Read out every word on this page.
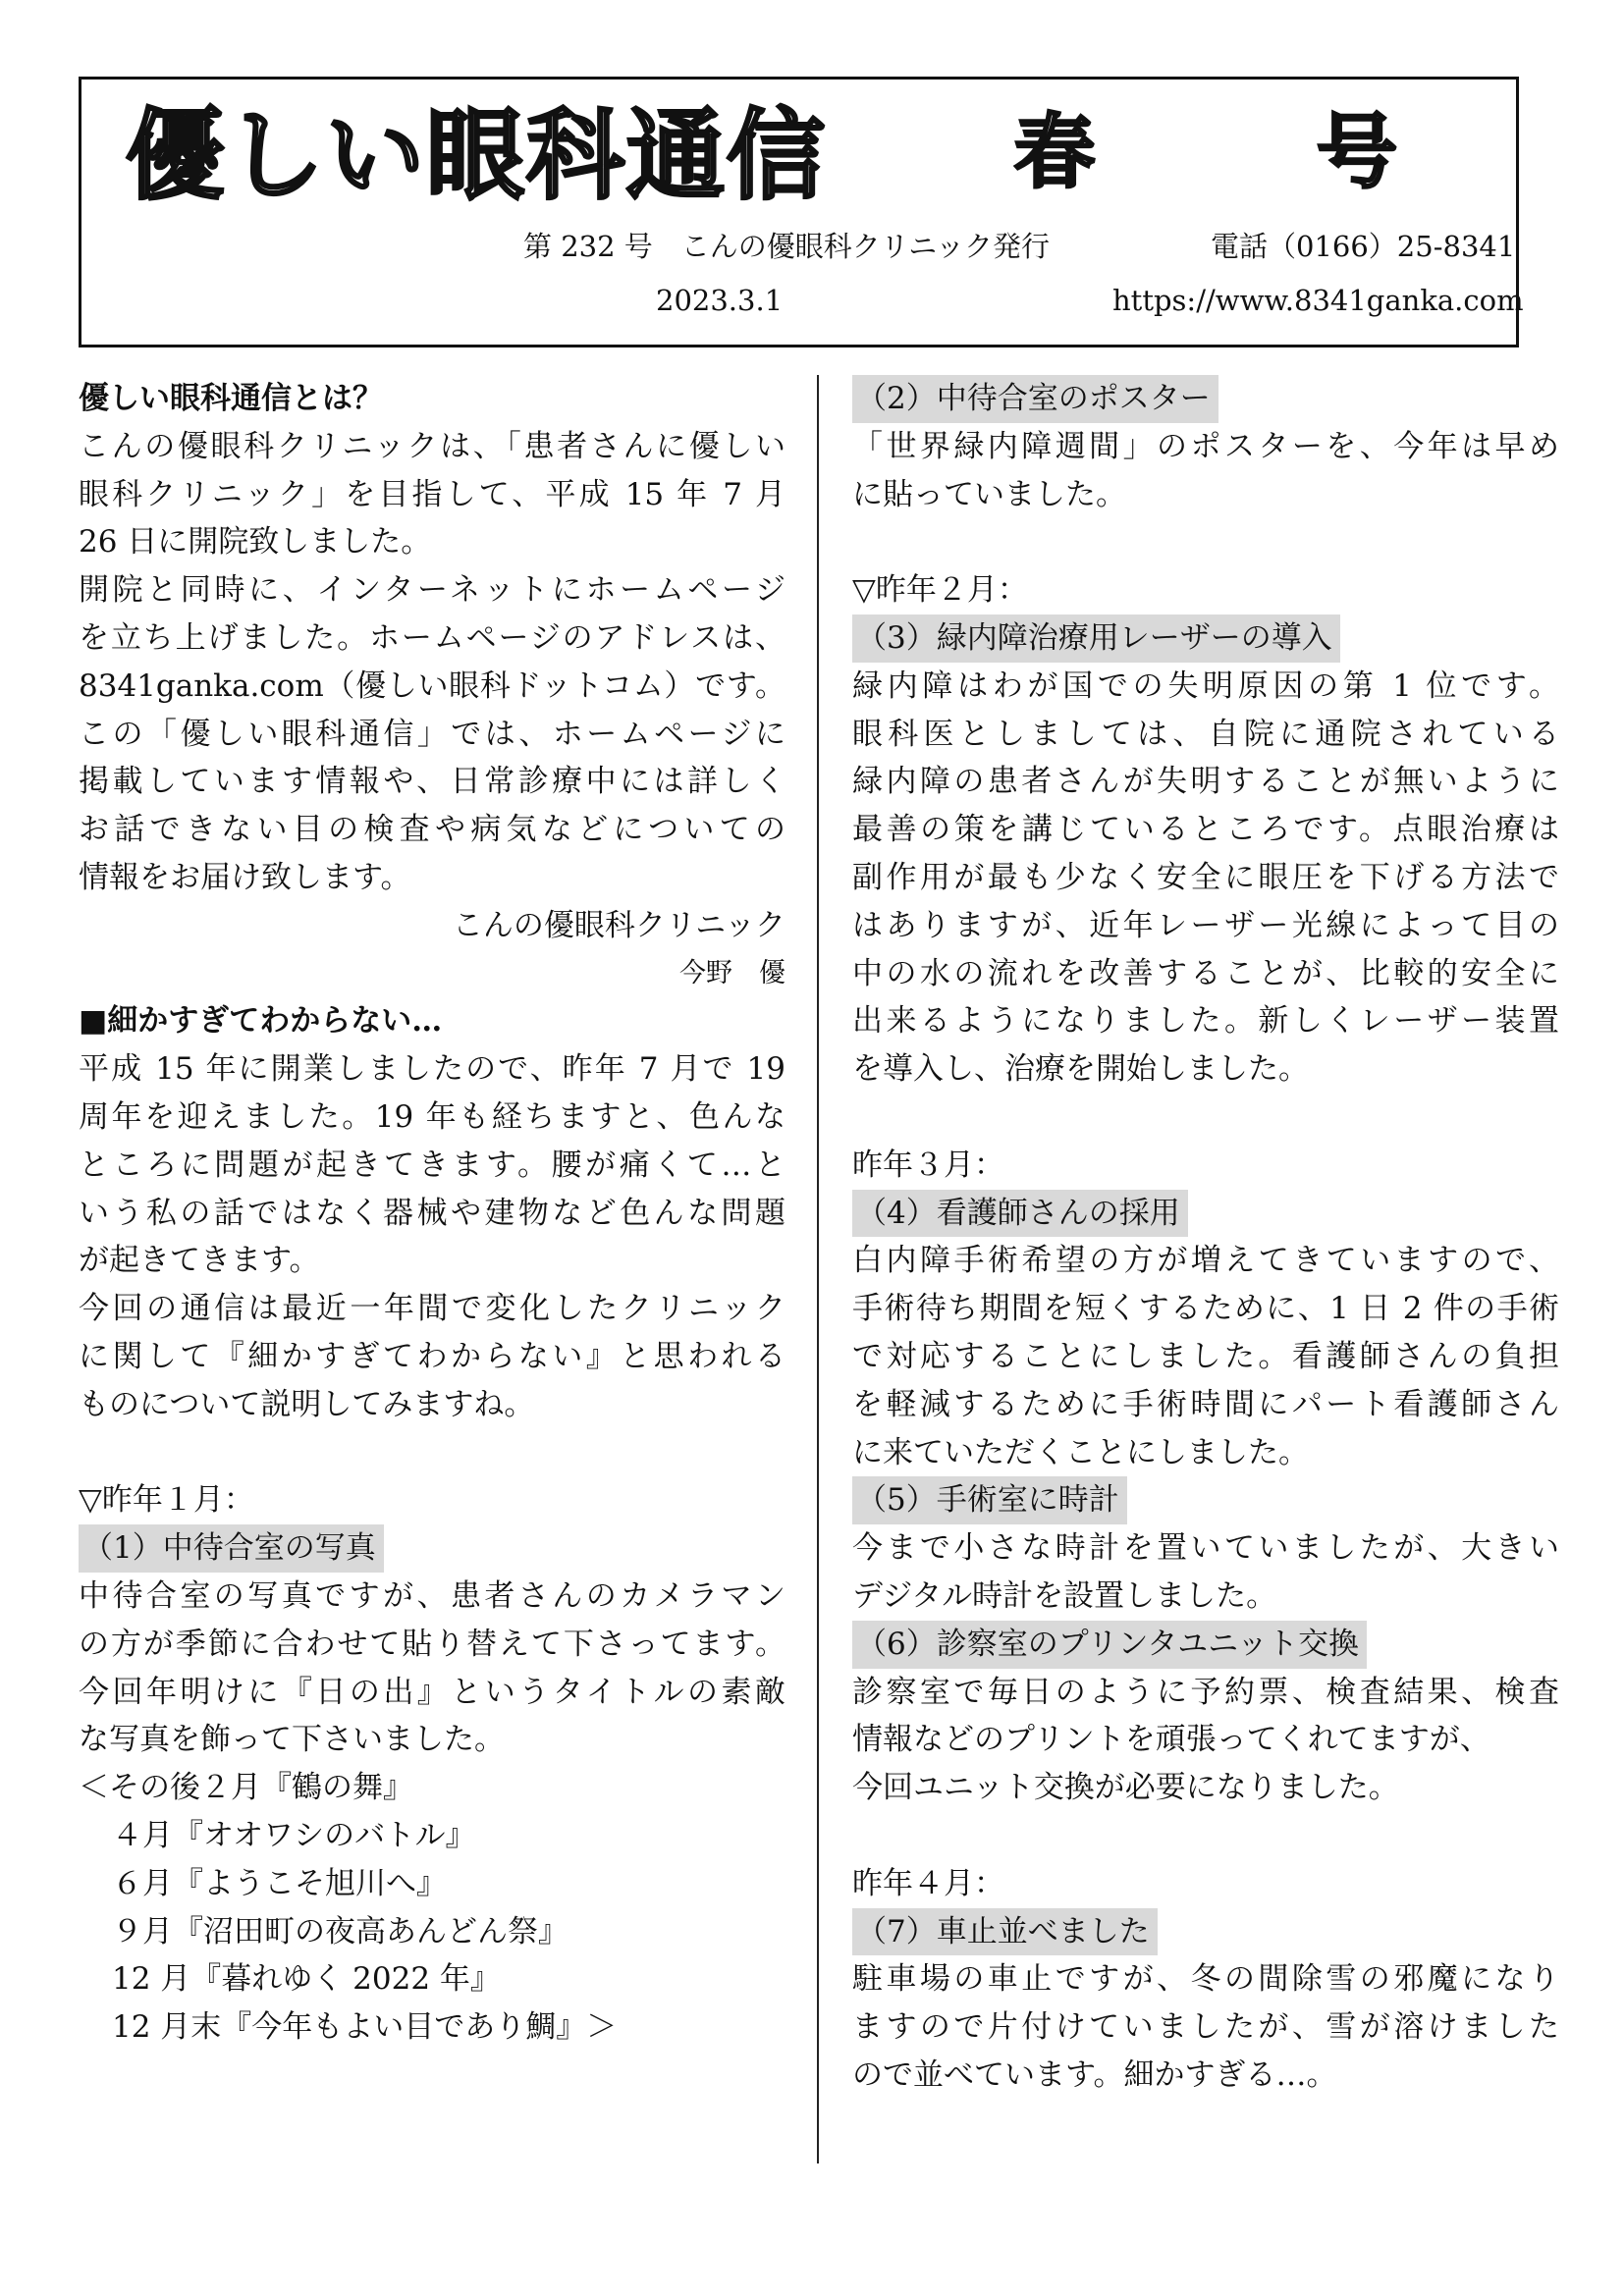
優しい眼科通信 春	号
第 232 号　こんの優眼科クリニック発行	電話（0166）25-8341
2023.3.1	https://www.8341ganka.com
優しい眼科通信とは？
こんの優眼科クリニックは、「患者さんに優しい
眼科クリニック」を目指して、平成 15 年 7 月
26 日に開院致しました。
開院と同時に、インターネットにホームページ
を立ち上げました。ホームページのアドレスは、
8341ganka.com（優しい眼科ドットコム）です。
この「優しい眼科通信」では、ホームページに
掲載しています情報や、日常診療中には詳しく
お話できない目の検査や病気などについての
情報をお届け致します。
こんの優眼科クリニック
今野　優
■細かすぎてわからない…
平成 15 年に開業しましたので、昨年 7 月で 19
周年を迎えました。19 年も経ちますと、色んな
ところに問題が起きてきます。腰が痛くて…と
いう私の話ではなく器械や建物など色んな問題
が起きてきます。
今回の通信は最近一年間で変化したクリニック
に関して『細かすぎてわからない』と思われる
ものについて説明してみますね。
▽昨年１月：
（1）中待合室の写真
中待合室の写真ですが、患者さんのカメラマン
の方が季節に合わせて貼り替えて下さってます。
今回年明けに『日の出』というタイトルの素敵
な写真を飾って下さいました。
＜その後２月『鶴の舞』
４月『オオワシのバトル』
６月『ようこそ旭川へ』
９月『沼田町の夜高あんどん祭』
12 月『暮れゆく 2022 年』
12 月末『今年もよい目であり鯛』＞
（2）中待合室のポスター
「世界緑内障週間」のポスターを、今年は早め
に貼っていました。
▽昨年２月：
（3）緑内障治療用レーザーの導入
緑内障はわが国での失明原因の第 1 位です。
眼科医としましては、自院に通院されている
緑内障の患者さんが失明することが無いように
最善の策を講じているところです。点眼治療は
副作用が最も少なく安全に眼圧を下げる方法で
はありますが、近年レーザー光線によって目の
中の水の流れを改善することが、比較的安全に
出来るようになりました。新しくレーザー装置
を導入し、治療を開始しました。
昨年３月：
（4）看護師さんの採用
白内障手術希望の方が増えてきていますので、
手術待ち期間を短くするために、1 日 2 件の手術
で対応することにしました。看護師さんの負担
を軽減するために手術時間にパート看護師さん
に来ていただくことにしました。
（5）手術室に時計
今まで小さな時計を置いていましたが、大きい
デジタル時計を設置しました。
（6）診察室のプリンタユニット交換
診察室で毎日のように予約票、検査結果、検査
情報などのプリントを頑張ってくれてますが、
今回ユニット交換が必要になりました。
昨年４月：
（7）車止並べました
駐車場の車止ですが、冬の間除雪の邪魔になり
ますので片付けていましたが、雪が溶けました
ので並べています。細かすぎる…。
